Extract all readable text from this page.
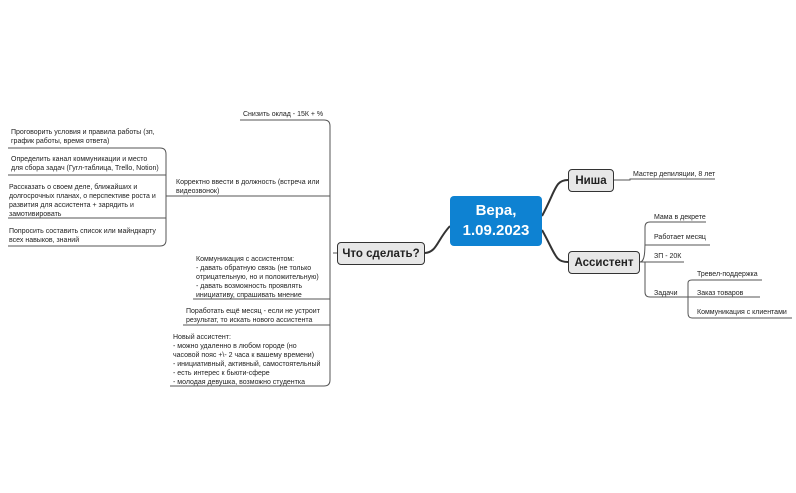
Вера,
1.09.2023
Ниша	Мастер депиляции, 8 лет
Ассистент
Мама в декрете
Работает месяц
ЗП - 20К
Задачи
Тревел-поддержка
Заказ товаров
Коммуникация с клиентами
Что сделать?
Снизить оклад - 15К + %
Корректно ввести в должность (встреча или
видеозвонок)
Проговорить условия и правила работы (зп,
график работы, время ответа)
Определить канал коммуникации и место
для сбора задач (Гугл-таблица, Trello, Notion)
Рассказать о своем деле, ближайших и
долгосрочных планах, о перспективе роста и
развития для ассистента + зарядить и
замотивировать
Попросить составить список или майндкарту
всех навыков, знаний
Коммуникация с ассистентом:
- давать обратную связь (не только
отрицательную, но и положительную)
- давать возможность проявлять
инициативу, спрашивать мнение
Поработать ещё месяц - если не устроит
результат, то искать нового ассистента
Новый ассистент:
- можно удаленно в любом городе (но
часовой пояс +\- 2 часа к вашему времени)
- инициативный, активный, самостоятельный
- есть интерес к бьюти-сфере
- молодая девушка, возможно студентка
